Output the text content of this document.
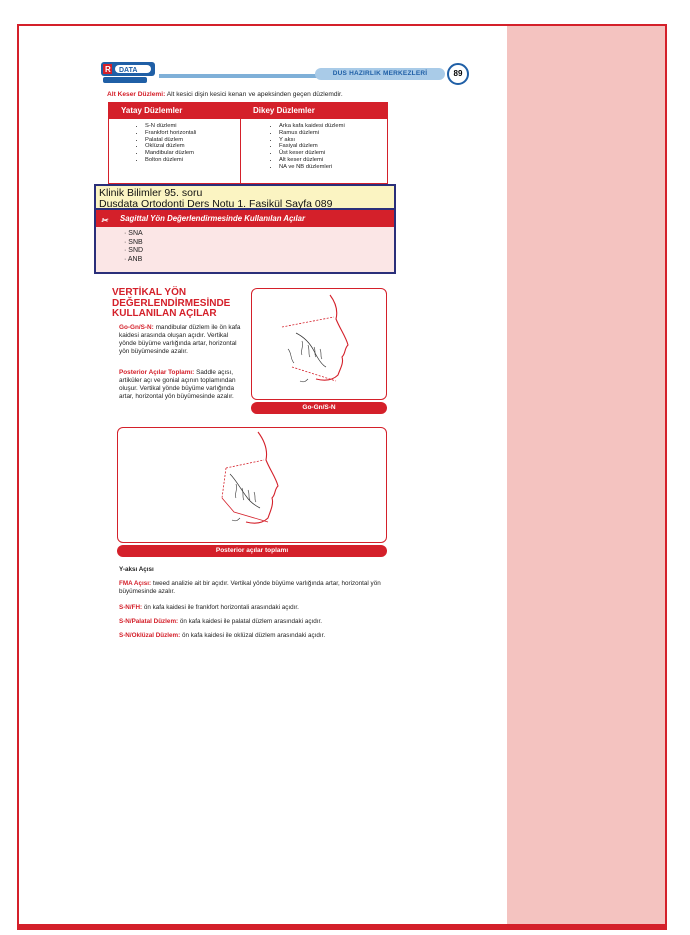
R DATA	DUS HAZIRLIK MERKEZLERİ	89
Alt Keser Düzlemi: Alt kesici dişin kesici kenarı ve apeksinden geçen düzlemdir.
Yatay Düzlemler
• S-N düzlemi
• Frankfort horizontali
• Palatal düzlem
• Oklüzal düzlem
• Mandibular düzlem
• Bolton düzlemi
Dikey Düzlemler
• Arka kafa kaidesi düzlemi
• Ramus düzlemi
• Y aksı
• Fasiyal düzlem
• Üst keser düzlemi
• Alt keser düzlemi
• NA ve NB düzlemleri
Klinik Bilimler 95. soru
Dusdata Ortodonti Ders Notu 1. Fasikül Sayfa 089
✂ Sagittal Yön Değerlendirmesinde Kullanılan Açılar
· SNA
· SNB
· SND
· ANB
VERTİKAL YÖN
DEĞERLENDİRMESİNDE
KULLANILAN AÇILAR
Go-Gn/S-N: mandibular düzlem ile ön kafa kaidesi arasında oluşan açıdır. Vertikal yönde büyüme varlığında artar, horizontal yön büyümesinde azalır.
Posterior Açılar Toplamı: Saddle açısı, artiküler açı ve gonial açının toplamından oluşur. Vertikal yönde büyüme varlığında artar, horizontal yön büyümesinde azalır.
Go-Gn/S-N
Posterior açılar toplamı
Y-aksı Açısı
FMA Açısı: tweed analizie ait bir açıdır. Vertikal yönde büyüme varlığında artar, horizontal yön büyümesinde azalır.
S-N/FH: ön kafa kaidesi ile frankfort horizontali arasındaki açıdır.
S-N/Palatal Düzlem: ön kafa kaidesi ile palatal düzlem arasındaki açıdır.
S-N/Oklüzal Düzlem: ön kafa kaidesi ile oklüzal düzlem arasındaki açıdır.
